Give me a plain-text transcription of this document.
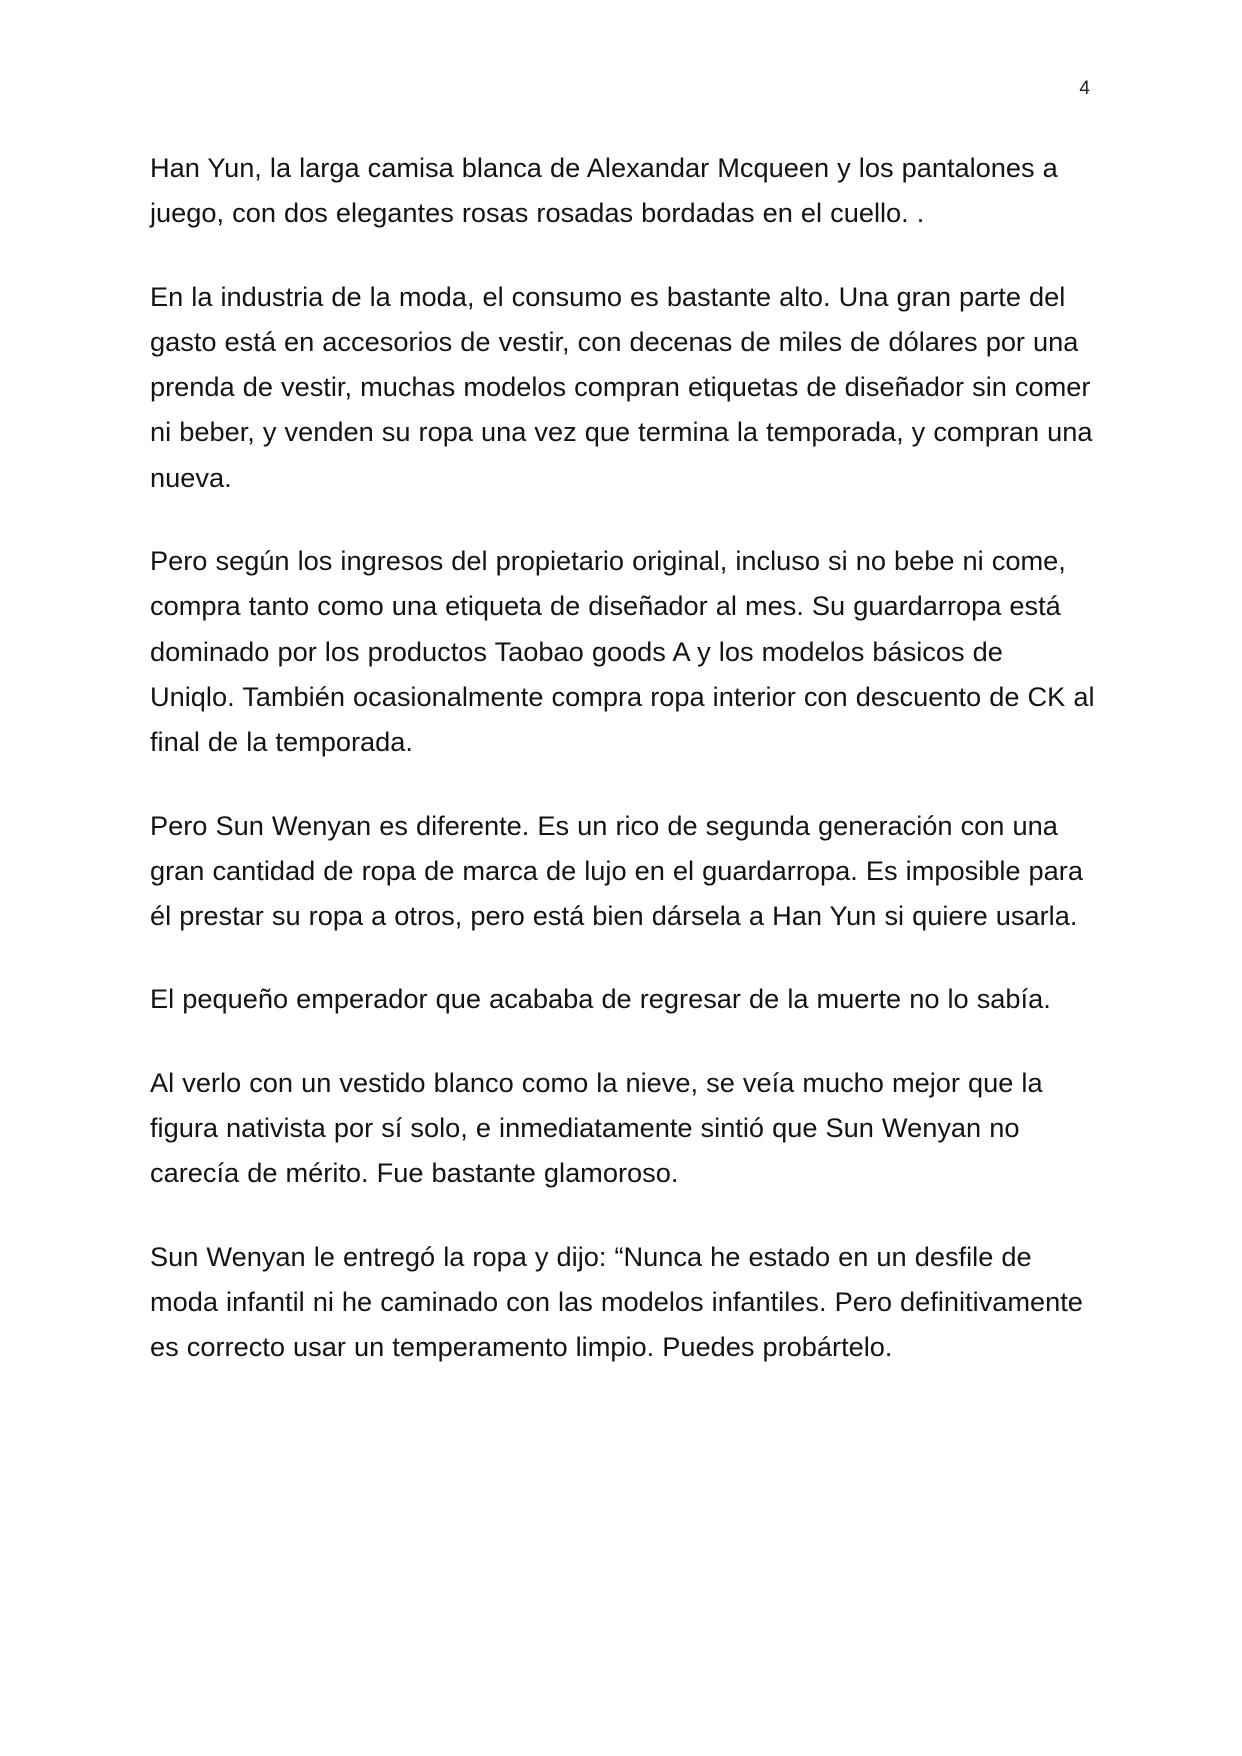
4

Han Yun, la larga camisa blanca de Alexandar Mcqueen y los pantalones a juego, con dos elegantes rosas rosadas bordadas en el cuello. .

En la industria de la moda, el consumo es bastante alto. Una gran parte del gasto está en accesorios de vestir, con decenas de miles de dólares por una prenda de vestir, muchas modelos compran etiquetas de diseñador sin comer ni beber, y venden su ropa una vez que termina la temporada, y compran una nueva.

Pero según los ingresos del propietario original, incluso si no bebe ni come, compra tanto como una etiqueta de diseñador al mes. Su guardarropa está dominado por los productos Taobao goods A y los modelos básicos de Uniqlo. También ocasionalmente compra ropa interior con descuento de CK al final de la temporada.

Pero Sun Wenyan es diferente. Es un rico de segunda generación con una gran cantidad de ropa de marca de lujo en el guardarropa. Es imposible para él prestar su ropa a otros, pero está bien dársela a Han Yun si quiere usarla.

El pequeño emperador que acababa de regresar de la muerte no lo sabía.

Al verlo con un vestido blanco como la nieve, se veía mucho mejor que la figura nativista por sí solo, e inmediatamente sintió que Sun Wenyan no carecía de mérito. Fue bastante glamoroso.

Sun Wenyan le entregó la ropa y dijo: “Nunca he estado en un desfile de moda infantil ni he caminado con las modelos infantiles. Pero definitivamente es correcto usar un temperamento limpio. Puedes probártelo.
